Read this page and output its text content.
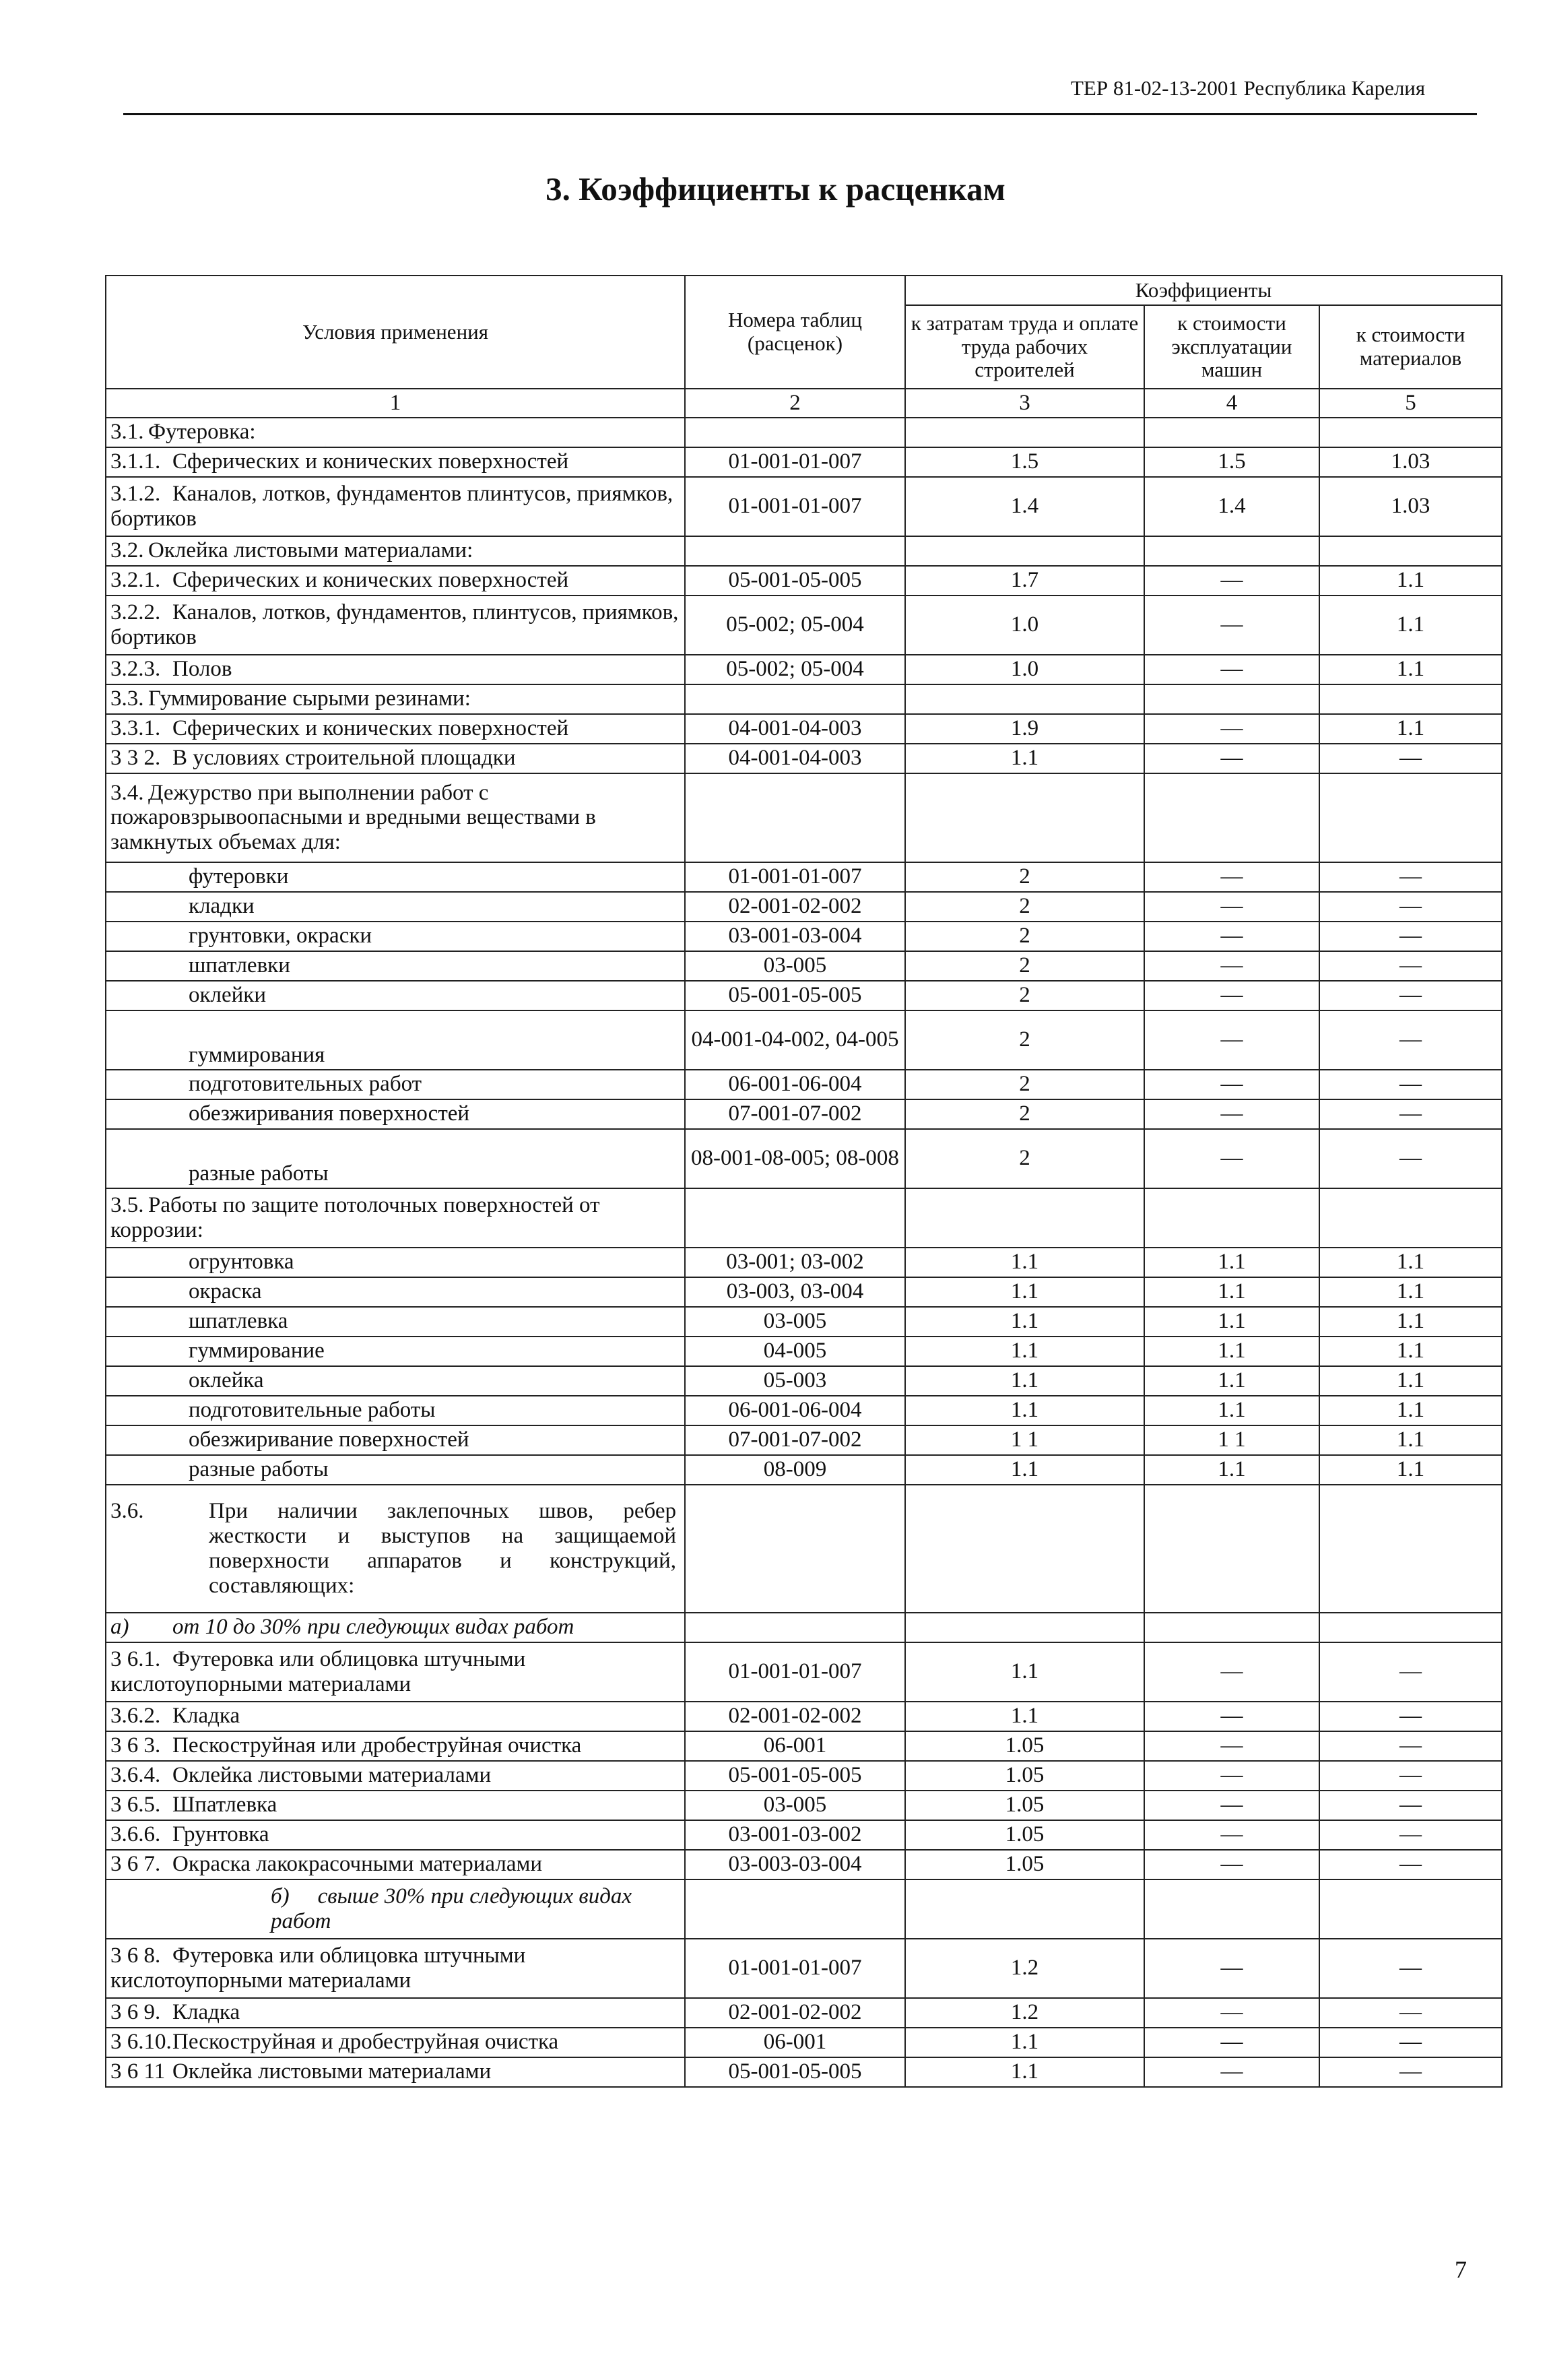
ТЕР 81-02-13-2001 Республика Карелия
3. Коэффициенты к расценкам
Условия применения	Номера таблиц (расценок)	Коэффициенты		
		к затратам труда и оплате труда рабочих строителей	к стоимости эксплуатации машин	к стоимости материалов
1	2	3	4	5
3.1. Футеровка:				
3.1.1. Сферических и конических поверхностей	01-001-01-007	1.5	1.5	1.03
3.1.2. Каналов, лотков, фундаментов плинтусов, приямков, бортиков	01-001-01-007	1.4	1.4	1.03
3.2. Оклейка листовыми материалами:				
3.2.1. Сферических и конических поверхностей	05-001-05-005	1.7	—	1.1
3.2.2. Каналов, лотков, фундаментов, плинтусов, приямков, бортиков	05-002; 05-004	1.0	—	1.1
3.2.3. Полов	05-002; 05-004	1.0	—	1.1
3.3. Гуммирование сырыми резинами:				
3.3.1. Сферических и конических поверхностей	04-001-04-003	1.9	—	1.1
3 3 2. В условиях строительной площадки	04-001-04-003	1.1	—	—
3.4. Дежурство при выполнении работ с пожаровзрывоопасными и вредными веществами в замкнутых объемах для:				
футеровки	01-001-01-007	2	—	—
кладки	02-001-02-002	2	—	—
грунтовки, окраски	03-001-03-004	2	—	—
шпатлевки	03-005	2	—	—
оклейки	05-001-05-005	2	—	—
гуммирования	04-001-04-002, 04-005	2	—	—
подготовительных работ	06-001-06-004	2	—	—
обезжиривания поверхностей	07-001-07-002	2	—	—
разные работы	08-001-08-005; 08-008	2	—	—
3.5. Работы по защите потолочных поверхностей от коррозии:				
огрунтовка	03-001; 03-002	1.1	1.1	1.1
окраска	03-003, 03-004	1.1	1.1	1.1
шпатлевка	03-005	1.1	1.1	1.1
гуммирование	04-005	1.1	1.1	1.1
оклейка	05-003	1.1	1.1	1.1
подготовительные работы	06-001-06-004	1.1	1.1	1.1
обезжиривание поверхностей	07-001-07-002	1 1	1 1	1.1
разные работы	08-009	1.1	1.1	1.1
3.6. При наличии заклепочных швов, ребер жесткости и выступов на защищаемой поверхности аппаратов и конструкций, составляющих:				
а) от 10 до 30% при следующих видах работ				
3 6.1. Футеровка или облицовка штучными кислотоупорными материалами	01-001-01-007	1.1	—	—
3.6.2. Кладка	02-001-02-002	1.1	—	—
3 6 3. Пескоструйная или дробеструйная очистка	06-001	1.05	—	—
3.6.4. Оклейка листовыми материалами	05-001-05-005	1.05	—	—
3 6.5. Шпатлевка	03-005	1.05	—	—
3.6.6. Грунтовка	03-001-03-002	1.05	—	—
3 6 7. Окраска лакокрасочными материалами	03-003-03-004	1.05	—	—
б) свыше 30% при следующих видах работ				
3 6 8. Футеровка или облицовка штучными кислотоупорными материалами	01-001-01-007	1.2	—	—
3 6 9. Кладка	02-001-02-002	1.2	—	—
3 6.10.Пескоструйная и дробеструйная очистка	06-001	1.1	—	—
3 6 11 Оклейка листовыми материалами	05-001-05-005	1.1	—	—
7
